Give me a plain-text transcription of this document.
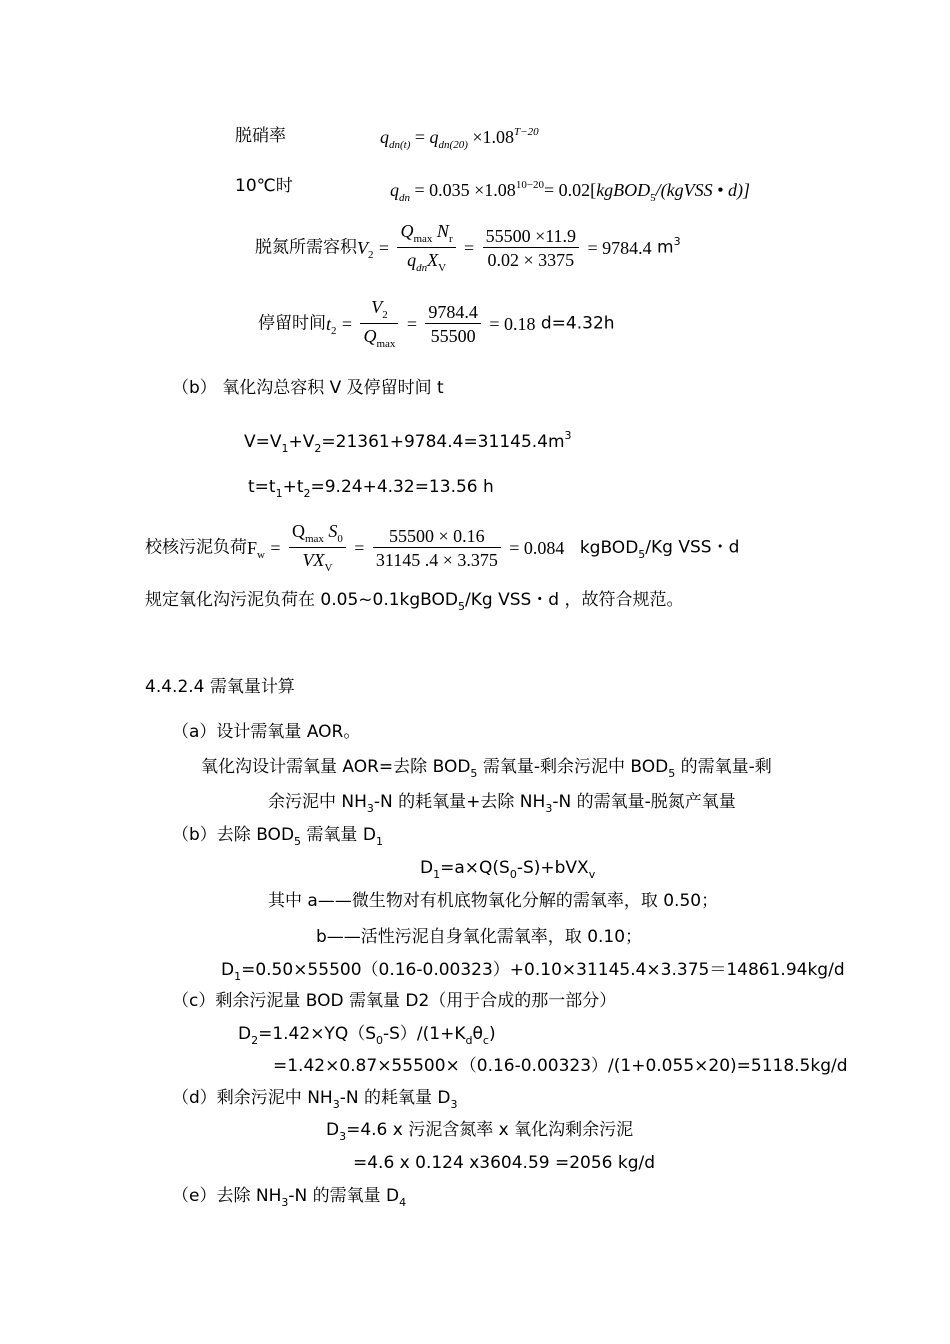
脱硝率	$q_{dn(t)} = q_{dn(20)} \times 1.08^{T-20}$
10℃时	$q_{dn} = 0.035 \times 1.08^{10-20}=$ 0.02[kgBOD$_5$/(kgVSS • d)]
脱氮所需容积$V_2 = \frac{Q_{max} N_r}{q_{dn}X_V} = \frac{55500 \times 11.9}{0.02 \times 3375} = 9784.4$ $m^3$
停留时间$t_2 = \frac{V_2}{Q_{max}} = \frac{9784.4}{55500} = 0.18$ d=4.32h
（b） 氧化沟总容积 V 及停留时间 t
$V=V_1+V_2=21361+9784.4=31145.4m^3$
$t=t_1+t_2=9.24+4.32=13.56$ h
校核污泥负荷$F_w = \frac{Q_{max} S_0}{VX_V} = \frac{55500 \times 0.16}{31145 .4 \times 3.375} = 0.084$ kgBOD$_5$/Kg VSS・d
规定氧化沟污泥负荷在 0.05~0.1kgBOD$_5$/Kg VSS・d ，故符合规范。
4.4.2.4 需氧量计算
（a）设计需氧量 AOR。
氧化沟设计需氧量 AOR=去除 $BOD_5$ 需氧量-剩余污泥中 $BOD_5$ 的需氧量-剩
余污泥中 $NH_3-N$ 的耗氧量+去除 $NH_3-N$ 的需氧量-脱氮产氧量
（b）去除 $BOD_5$ 需氧量 $D_1$
$D_1=a\times Q(S_0-S)+bVX_v$
其中 a——微生物对有机底物氧化分解的需氧率，取 0.50；
b——活性污泥自身氧化需氧率，取 0.10；
$D_1=0.50\times 55500(0.16-0.00323)+0.10\times 31145.4\times 3.375=14861.94kg/d$
（c）剩余污泥量 BOD 需氧量 D2（用于合成的那一部分）
$D_2=1.42\times YQ(S_0-S)/(1+K_d\theta_c)$
=1.42×0.87×55500×（0.16-0.00323）/(1+0.055×20)=5118.5kg/d
（d）剩余污泥中 $NH_3-N$ 的耗氧量 $D_3$
$D_3=4.6$ x 污泥含氮率 x 氧化沟剩余污泥
=4.6 x 0.124 x3604.59 =2056 kg/d
（e）去除 $NH_3-N$ 的需氧量 $D_4$
